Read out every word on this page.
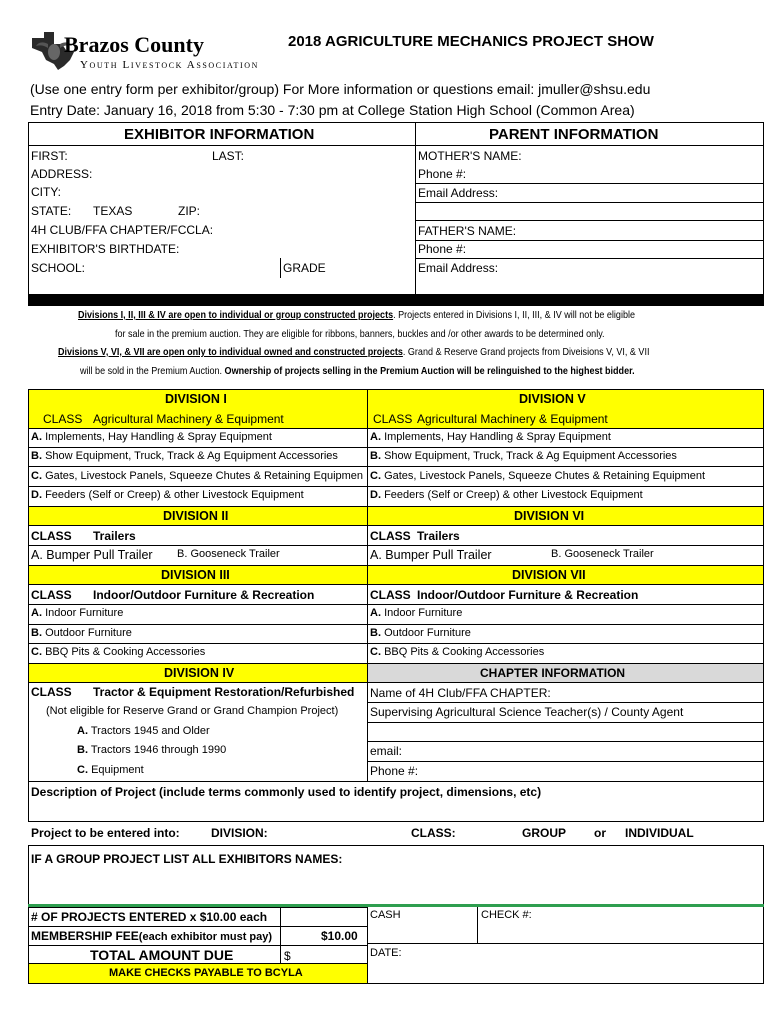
Brazos County
Youth Livestock Association
2018 AGRICULTURE MECHANICS PROJECT SHOW
(Use one entry form per exhibitor/group) For More information or questions email: jmuller@shsu.edu
Entry Date: January 16, 2018 from 5:30 - 7:30 pm at College Station High School (Common Area)
EXHIBITOR INFORMATION	PARENT INFORMATION
FIRST:	LAST:
ADDRESS:
CITY:
STATE: TEXAS	ZIP:
4H CLUB/FFA CHAPTER/FCCLA:
EXHIBITOR'S BIRTHDATE:
SCHOOL:	GRADE
MOTHER'S NAME:
Phone #:
Email Address:
FATHER'S NAME:
Phone #:
Email Address:
Divisions I, II, III & IV are open to individual or group constructed projects. Projects entered in Divisions I, II, III, & IV will not be eligible
for sale in the premium auction. They are eligible for ribbons, banners, buckles and /or other awards to be determined only.
Divisions V, VI, & VII are open only to individual owned and constructed projects. Grand & Reserve Grand projects from Diveisions V, VI, & VII
will be sold in the Premium Auction. Ownership of projects selling in the Premium Auction will be relinguished to the highest bidder.
DIVISION I
CLASS Agricultural Machinery & Equipment
A. Implements, Hay Handling & Spray Equipment
B. Show Equipment, Truck, Track & Ag Equipment Accessories
C. Gates, Livestock Panels, Squeeze Chutes & Retaining Equipmen
D. Feeders (Self or Creep) & other Livestock Equipment
DIVISION V
CLASS Agricultural Machinery & Equipment
A. Implements, Hay Handling & Spray Equipment
B. Show Equipment, Truck, Track & Ag Equipment Accessories
C. Gates, Livestock Panels, Squeeze Chutes & Retaining Equipment
D. Feeders (Self or Creep) & other Livestock Equipment
DIVISION II
CLASS Trailers
A. Bumper Pull Trailer B. Gooseneck Trailer
DIVISION VI
CLASS Trailers
A. Bumper Pull Trailer	B. Gooseneck Trailer
DIVISION III
CLASS Indoor/Outdoor Furniture & Recreation
A. Indoor Furniture
B. Outdoor Furniture
C. BBQ Pits & Cooking Accessories
DIVISION VII
CLASS Indoor/Outdoor Furniture & Recreation
A. Indoor Furniture
B. Outdoor Furniture
C. BBQ Pits & Cooking Accessories
DIVISION IV
CLASS Tractor & Equipment Restoration/Refurbished
(Not eligible for Reserve Grand or Grand Champion Project)
A. Tractors 1945 and Older
B. Tractors 1946 through 1990
C. Equipment
CHAPTER INFORMATION
Name of 4H Club/FFA CHAPTER:
Supervising Agricultural Science Teacher(s) / County Agent
email:
Phone #:
Description of Project (include terms commonly used to identify project, dimensions, etc)
Project to be entered into:	DIVISION:	CLASS:	GROUP or INDIVIDUAL
IF A GROUP PROJECT LIST ALL EXHIBITORS NAMES:
# OF PROJECTS ENTERED x $10.00 each
MEMBERSHIP FEE(each exhibitor must pay)	$10.00
TOTAL AMOUNT DUE	$
MAKE CHECKS PAYABLE TO BCYLA
CASH	CHECK #:
DATE:
